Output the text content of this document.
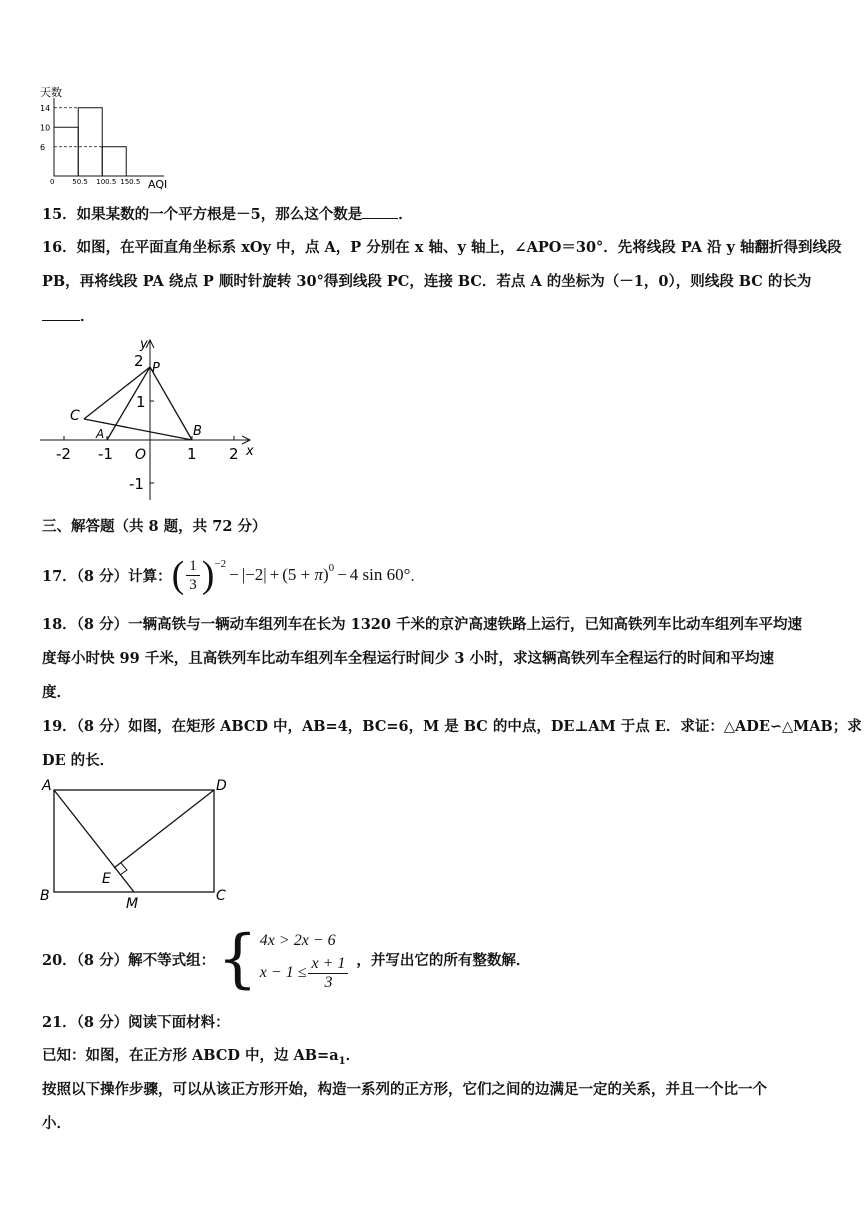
天数
AQI
14
10
6
0	50.5 100.5 150.5
15．如果某数的一个平方根是－5，那么这个数是 ．
16．如图，在平面直角坐标系 xOy 中，点 A，P 分别在 x 轴、y 轴上，∠APO＝30°．先将线段 PA 沿 y 轴翻折得到线段
PB，再将线段 PA 绕点 P 顺时针旋转 30°得到线段 PC，连接 BC．若点 A 的坐标为（－1，0），则线段 BC 的长为
．
y
2 P
1
C
A	B
x
-2 -1 O	1 2
-1
三、解答题（共 8 题，共 72 分）
17．（8 分）计算： ( $\frac{1}{3} )^{-2}$
− $|-2| + (5 + \pi)^0 - 4$ sin 60° ．
18．（8 分）一辆高铁与一辆动车组列车在长为 1320 千米的京沪高速铁路上运行，已知高铁列车比动车组列车平均速
度每小时快 99 千米，且高铁列车比动车组列车全程运行时间少 3 小时，求这辆高铁列车全程运行的时间和平均速
度．
19．（8 分）如图，在矩形 ABCD 中，AB=4，BC=6，M 是 BC 的中点，DE⊥AM 于点 E．求证：△ADE∽△MAB；求
DE 的长．
A	D
B	C
E
M
20．（8 分）解不等式组： { 4x > 2x − 6
$x - 1 \le \frac{x + 1}{3}$ ，并写出它的所有整数解．
21．（8 分）阅读下面材料：
已知：如图，在正方形 ABCD 中，边 $AB=a_1$．
按照以下操作步骤，可以从该正方形开始，构造一系列的正方形，它们之间的边满足一定的关系，并且一个比一个
小．
